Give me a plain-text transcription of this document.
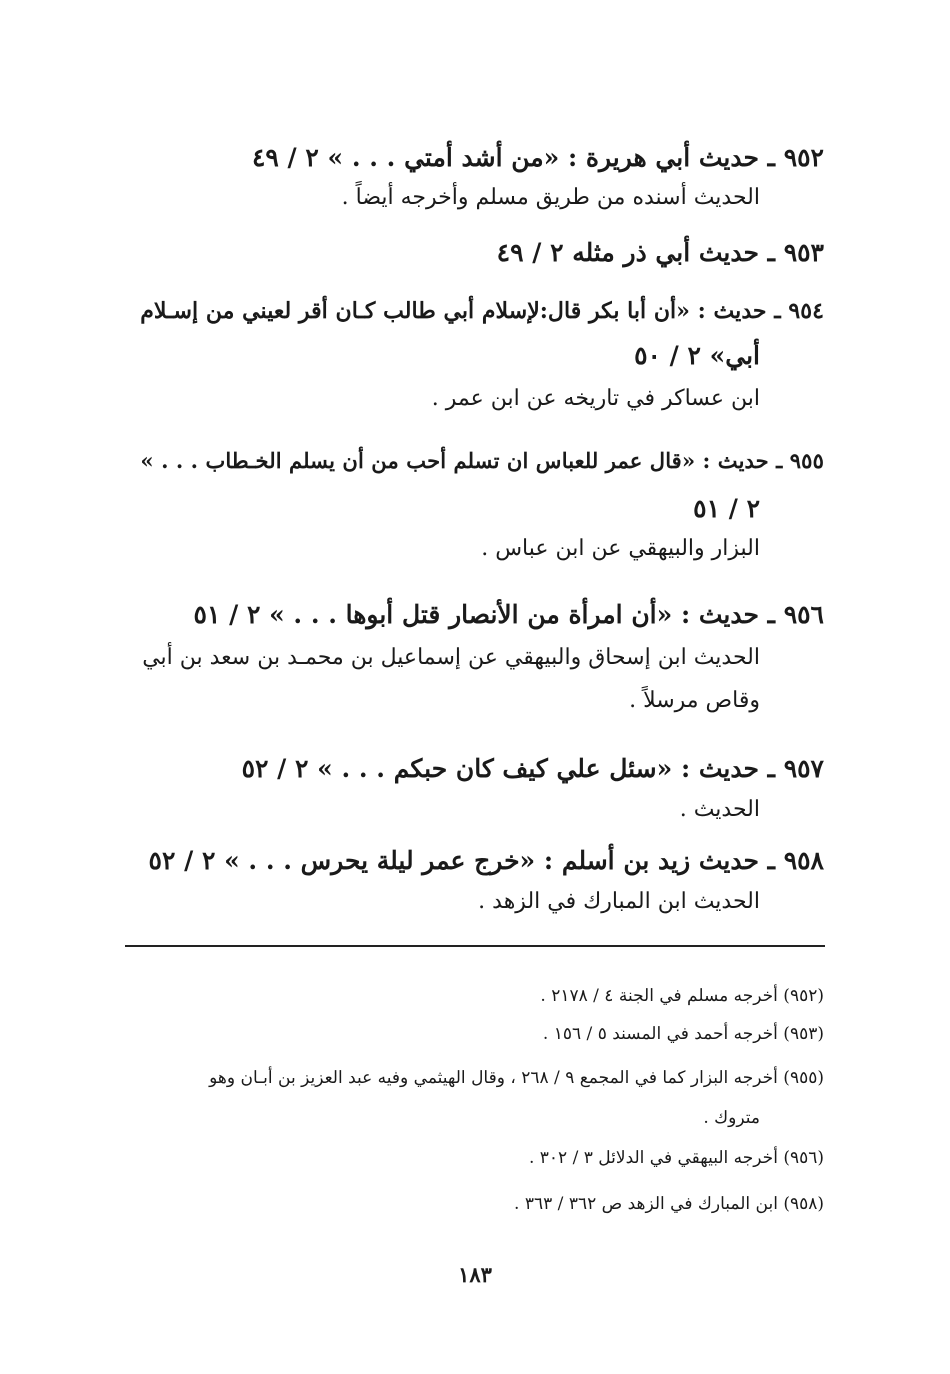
٩٥٢ ـ حديث أبي هريرة : «من أشد أمتي . . . » ٢ / ٤٩
الحديث أسنده من طريق مسلم وأخرجه أيضاً .
٩٥٣ ـ حديث أبي ذر مثله ٢ / ٤٩
٩٥٤ ـ حديث : «أن أبا بكر قال:لإسلام أبي طالب كـان أقر لعيني من إسـلام
أبي» ٢ / ٥٠
ابن عساكر في تاريخه عن ابن عمر .
٩٥٥ ـ حديث : «قال عمر للعباس ان تسلم أحب من أن يسلم الخـطاب . . . »
٢ / ٥١
البزار والبيهقي عن ابن عباس .
٩٥٦ ـ حديث : «أن امرأة من الأنصار قتل أبوها . . . » ٢ / ٥١
الحديث ابن إسحاق والبيهقي عن إسماعيل بن محمـد بن سعد بن أبي
وقاص مرسلاً .
٩٥٧ ـ حديث : «سئل علي كيف كان حبكم . . . » ٢ / ٥٢
الحديث .
٩٥٨ ـ حديث زيد بن أسلم : «خرج عمر ليلة يحرس . . . » ٢ / ٥٢
الحديث ابن المبارك في الزهد .
(٩٥٢) أخرجه مسلم في الجنة ٤ / ٢١٧٨ .
(٩٥٣) أخرجه أحمد في المسند ٥ / ١٥٦ .
(٩٥٥) أخرجه البزار كما في المجمع ٩ / ٢٦٨ ، وقال الهيثمي وفيه عبد العزيز بن أبـان وهو
متروك .
(٩٥٦) أخرجه البيهقي في الدلائل ٣ / ٣٠٢ .
(٩٥٨) ابن المبارك في الزهد ص ٣٦٢ / ٣٦٣ .
١٨٣
